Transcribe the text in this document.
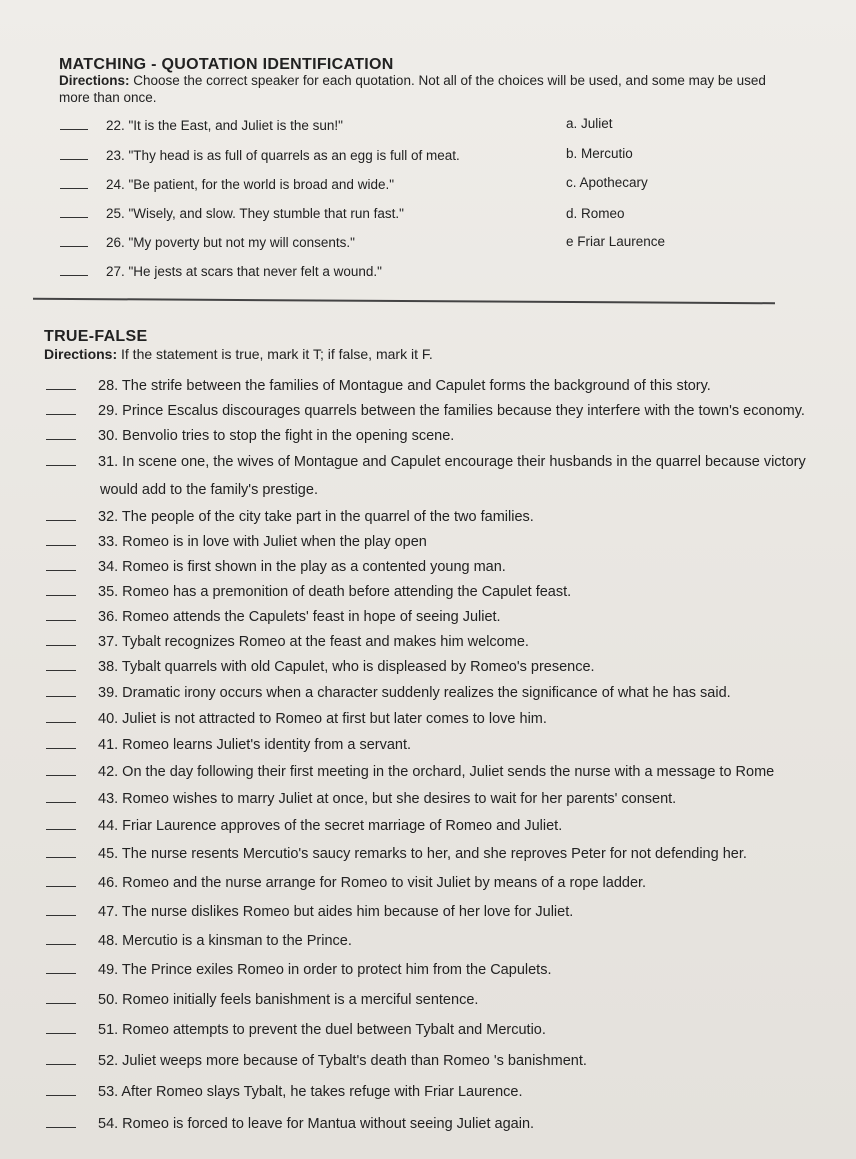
MATCHING - QUOTATION IDENTIFICATION
Directions: Choose the correct speaker for each quotation. Not all of the choices will be used, and some may be used more than once.
22. "It is the East, and Juliet is the sun!"
23. "Thy head is as full of quarrels as an egg is full of meat.
24. "Be patient, for the world is broad and wide."
25. "Wisely, and slow. They stumble that run fast."
26. "My poverty but not my will consents."
27. "He jests at scars that never felt a wound."
a. Juliet
b. Mercutio
c. Apothecary
d. Romeo
e Friar Laurence
TRUE-FALSE
Directions: If the statement is true, mark it T; if false, mark it F.
28. The strife between the families of Montague and Capulet forms the background of this story.
29. Prince Escalus discourages quarrels between the families because they interfere with the town's economy.
30. Benvolio tries to stop the fight in the opening scene.
31. In scene one, the wives of Montague and Capulet encourage their husbands in the quarrel because victory
would add to the family's prestige.
32. The people of the city take part in the quarrel of the two families.
33. Romeo is in love with Juliet when the play open
34. Romeo is first shown in the play as a contented young man.
35. Romeo has a premonition of death before attending the Capulet feast.
36. Romeo attends the Capulets' feast in hope of seeing Juliet.
37. Tybalt recognizes Romeo at the feast and makes him welcome.
38. Tybalt quarrels with old Capulet, who is displeased by Romeo's presence.
39. Dramatic irony occurs when a character suddenly realizes the significance of what he has said.
40. Juliet is not attracted to Romeo at first but later comes to love him.
41. Romeo learns Juliet's identity from a servant.
42. On the day following their first meeting in the orchard, Juliet sends the nurse with a message to Rome
43. Romeo wishes to marry Juliet at once, but she desires to wait for her parents' consent.
44. Friar Laurence approves of the secret marriage of Romeo and Juliet.
45. The nurse resents Mercutio's saucy remarks to her, and she reproves Peter for not defending her.
46. Romeo and the nurse arrange for Romeo to visit Juliet by means of a rope ladder.
47. The nurse dislikes Romeo but aides him because of her love for Juliet.
48. Mercutio is a kinsman to the Prince.
49. The Prince exiles Romeo in order to protect him from the Capulets.
50. Romeo initially feels banishment is a merciful sentence.
51. Romeo attempts to prevent the duel between Tybalt and Mercutio.
52. Juliet weeps more because of Tybalt's death than Romeo 's banishment.
53. After Romeo slays Tybalt, he takes refuge with Friar Laurence.
54. Romeo is forced to leave for Mantua without seeing Juliet again.
